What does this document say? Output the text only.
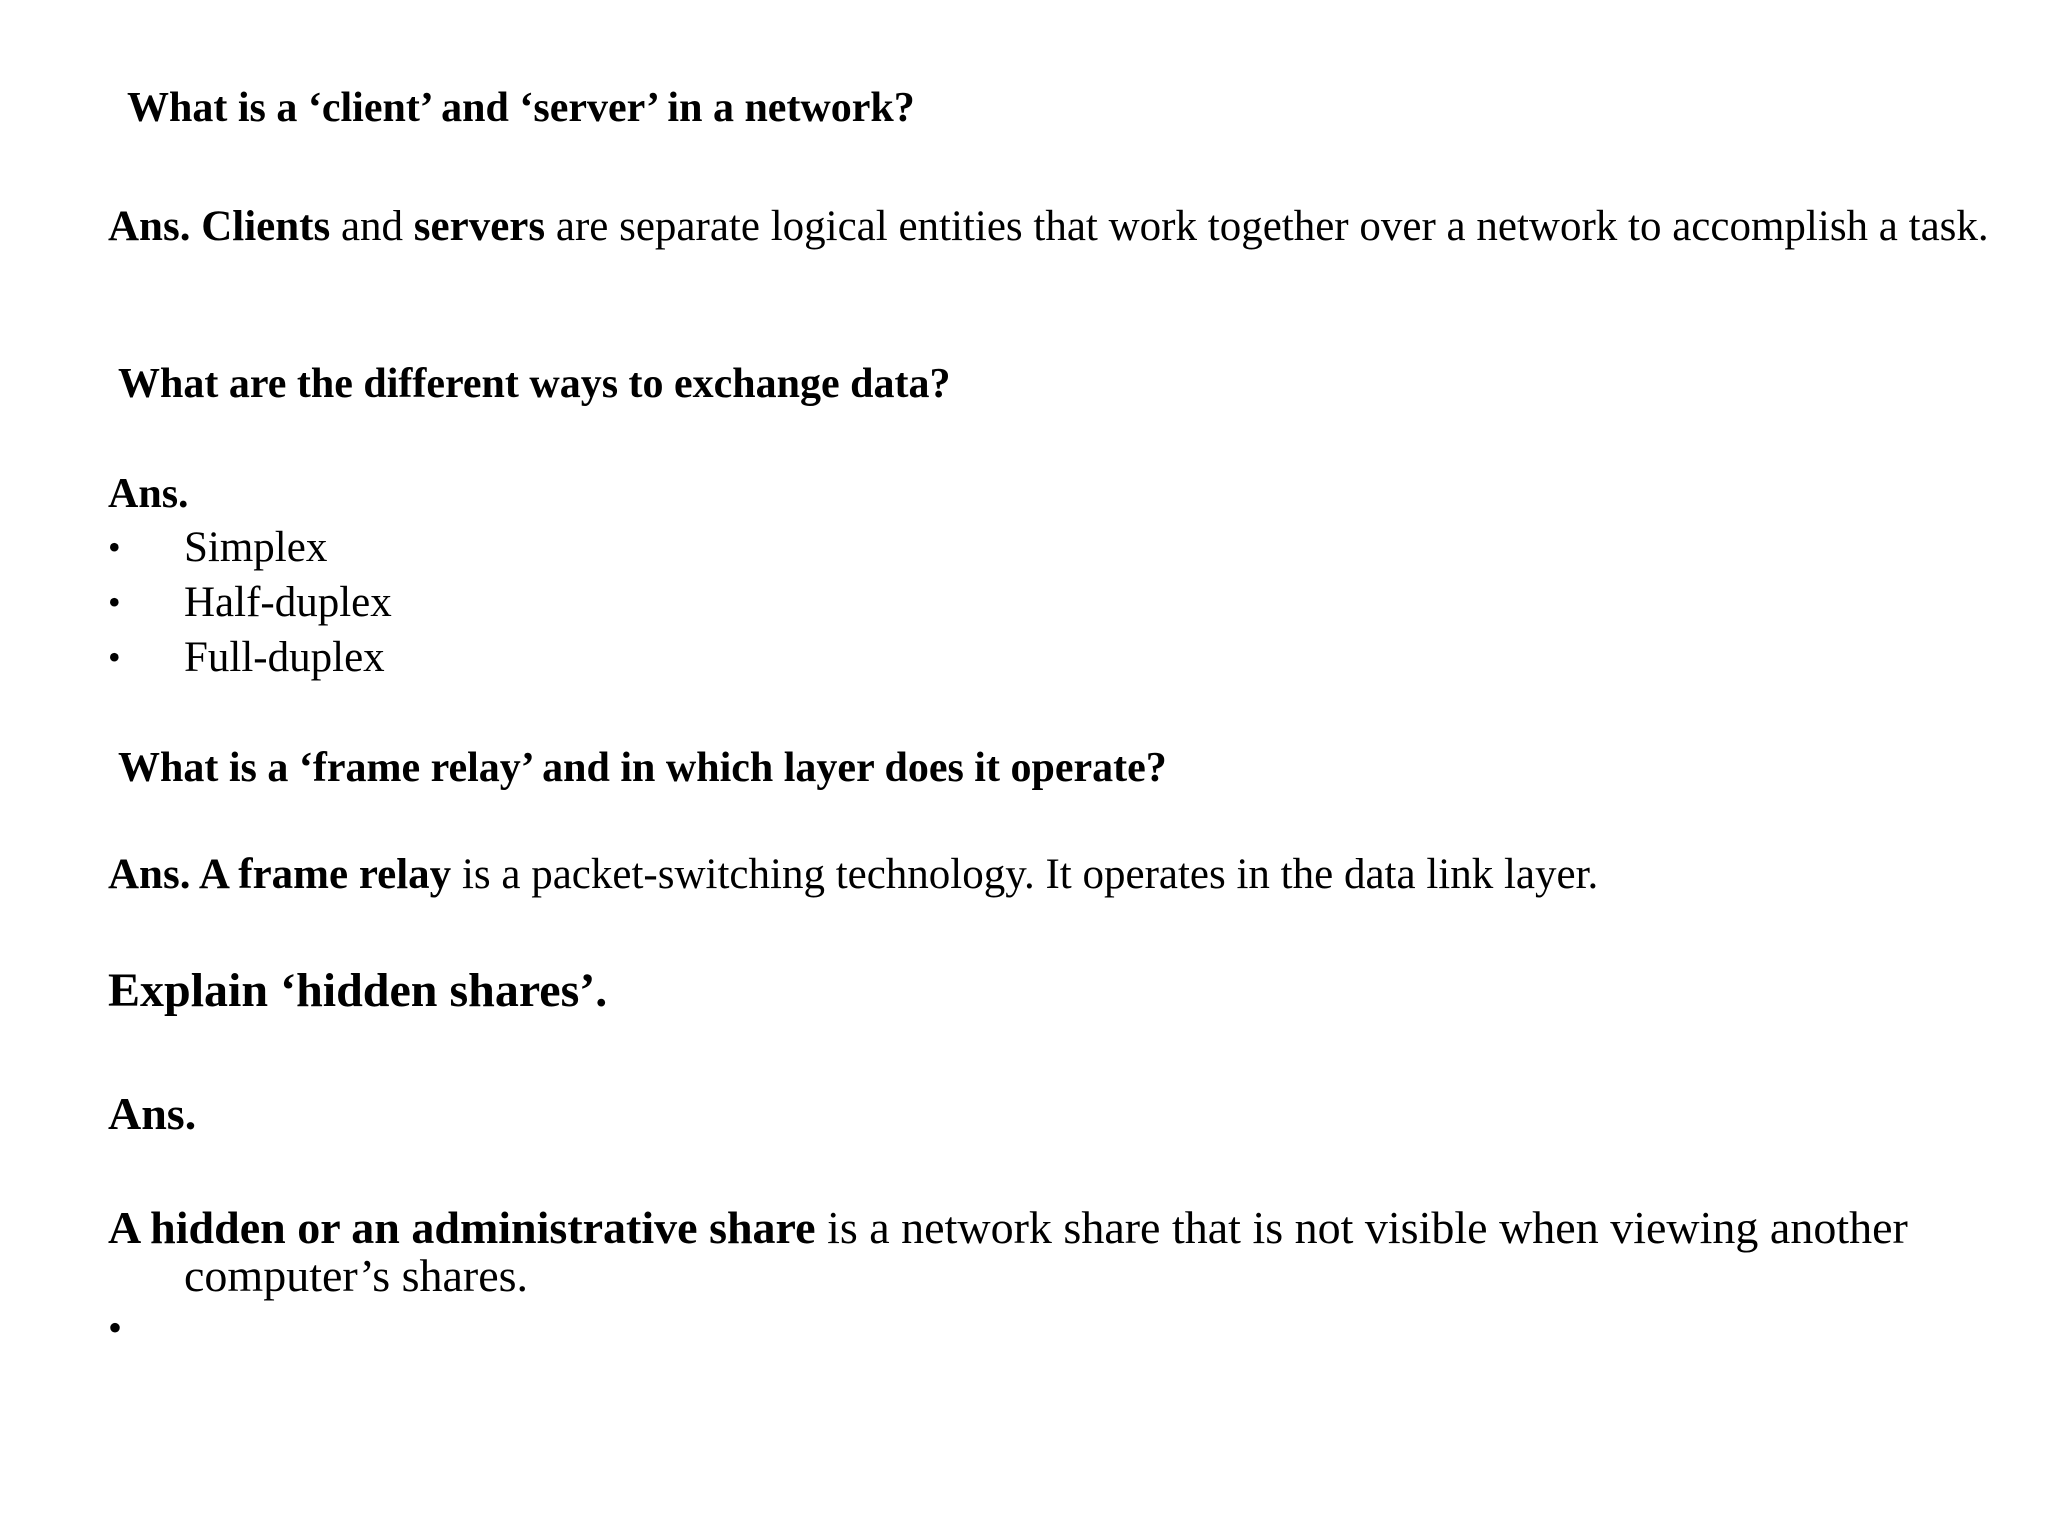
What is a ‘client’ and ‘server’ in a network?

Ans. Clients and servers are separate logical entities that work together over a network to accomplish a task.

What are the different ways to exchange data?

Ans.

•	Simplex
•	Half-duplex
•	Full-duplex

What is a ‘frame relay’ and in which layer does it operate?

Ans. A frame relay is a packet-switching technology. It operates in the data link layer.

Explain ‘hidden shares’.

Ans.

A hidden or an administrative share is a network share that is not visible when viewing another computer’s shares.

•
